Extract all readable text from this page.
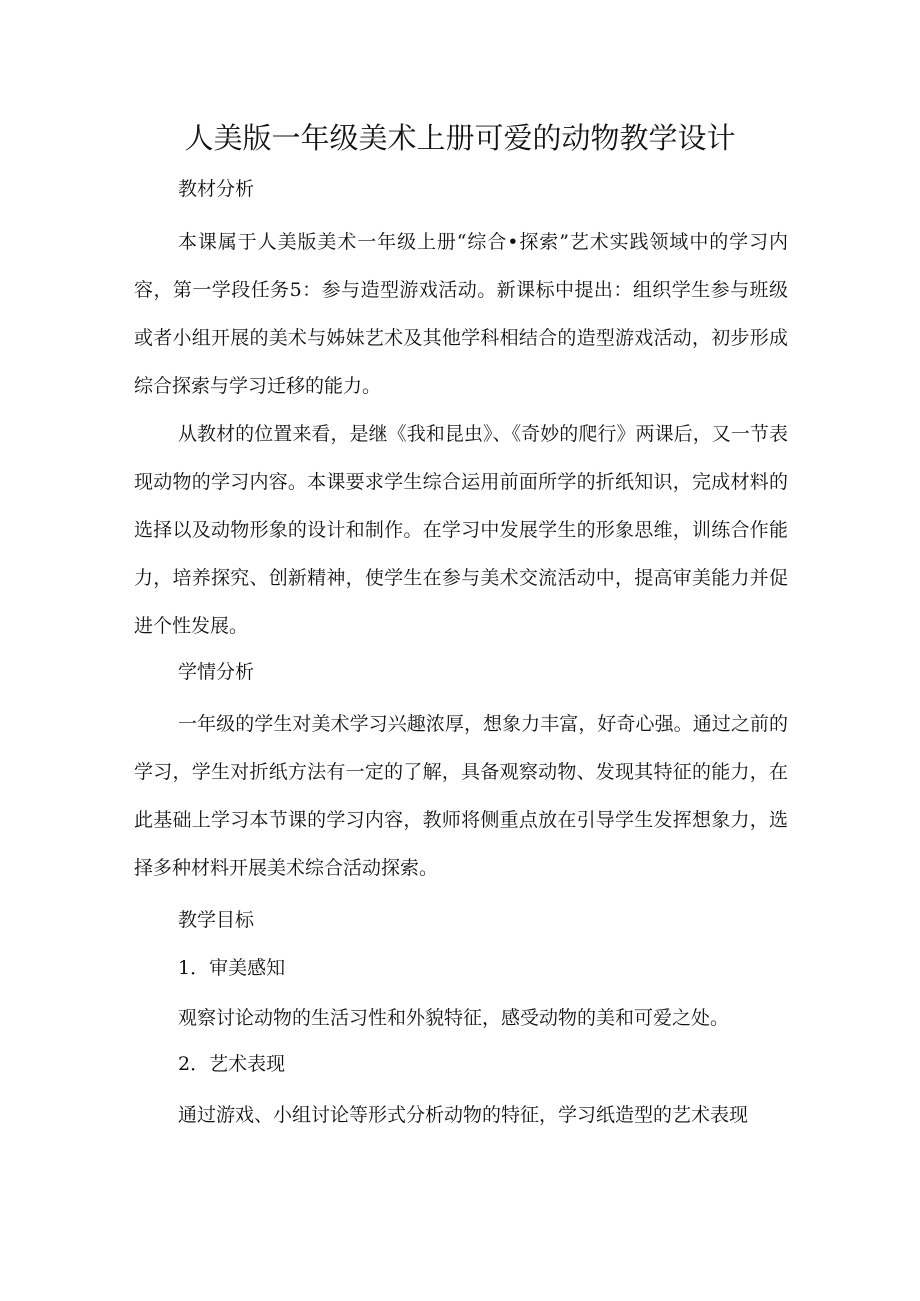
人美版一年级美术上册可爱的动物教学设计
教材分析

本课属于人美版美术一年级上册“综合•探索”艺术实践领域中的学习内容，第一学段任务5：参与造型游戏活动。新课标中提出：组织学生参与班级或者小组开展的美术与姊妹艺术及其他学科相结合的造型游戏活动，初步形成综合探索与学习迁移的能力。

从教材的位置来看，是继《我和昆虫》、《奇妙的爬行》两课后，又一节表现动物的学习内容。本课要求学生综合运用前面所学的折纸知识，完成材料的选择以及动物形象的设计和制作。在学习中发展学生的形象思维，训练合作能力，培养探究、创新精神，使学生在参与美术交流活动中，提高审美能力并促进个性发展。

学情分析

一年级的学生对美术学习兴趣浓厚，想象力丰富，好奇心强。通过之前的学习，学生对折纸方法有一定的了解，具备观察动物、发现其特征的能力，在此基础上学习本节课的学习内容，教师将侧重点放在引导学生发挥想象力，选择多种材料开展美术综合活动探索。

教学目标
1．审美感知

观察讨论动物的生活习性和外貌特征，感受动物的美和可爱之处。

2．艺术表现

通过游戏、小组讨论等形式分析动物的特征，学习纸造型的艺术表现
